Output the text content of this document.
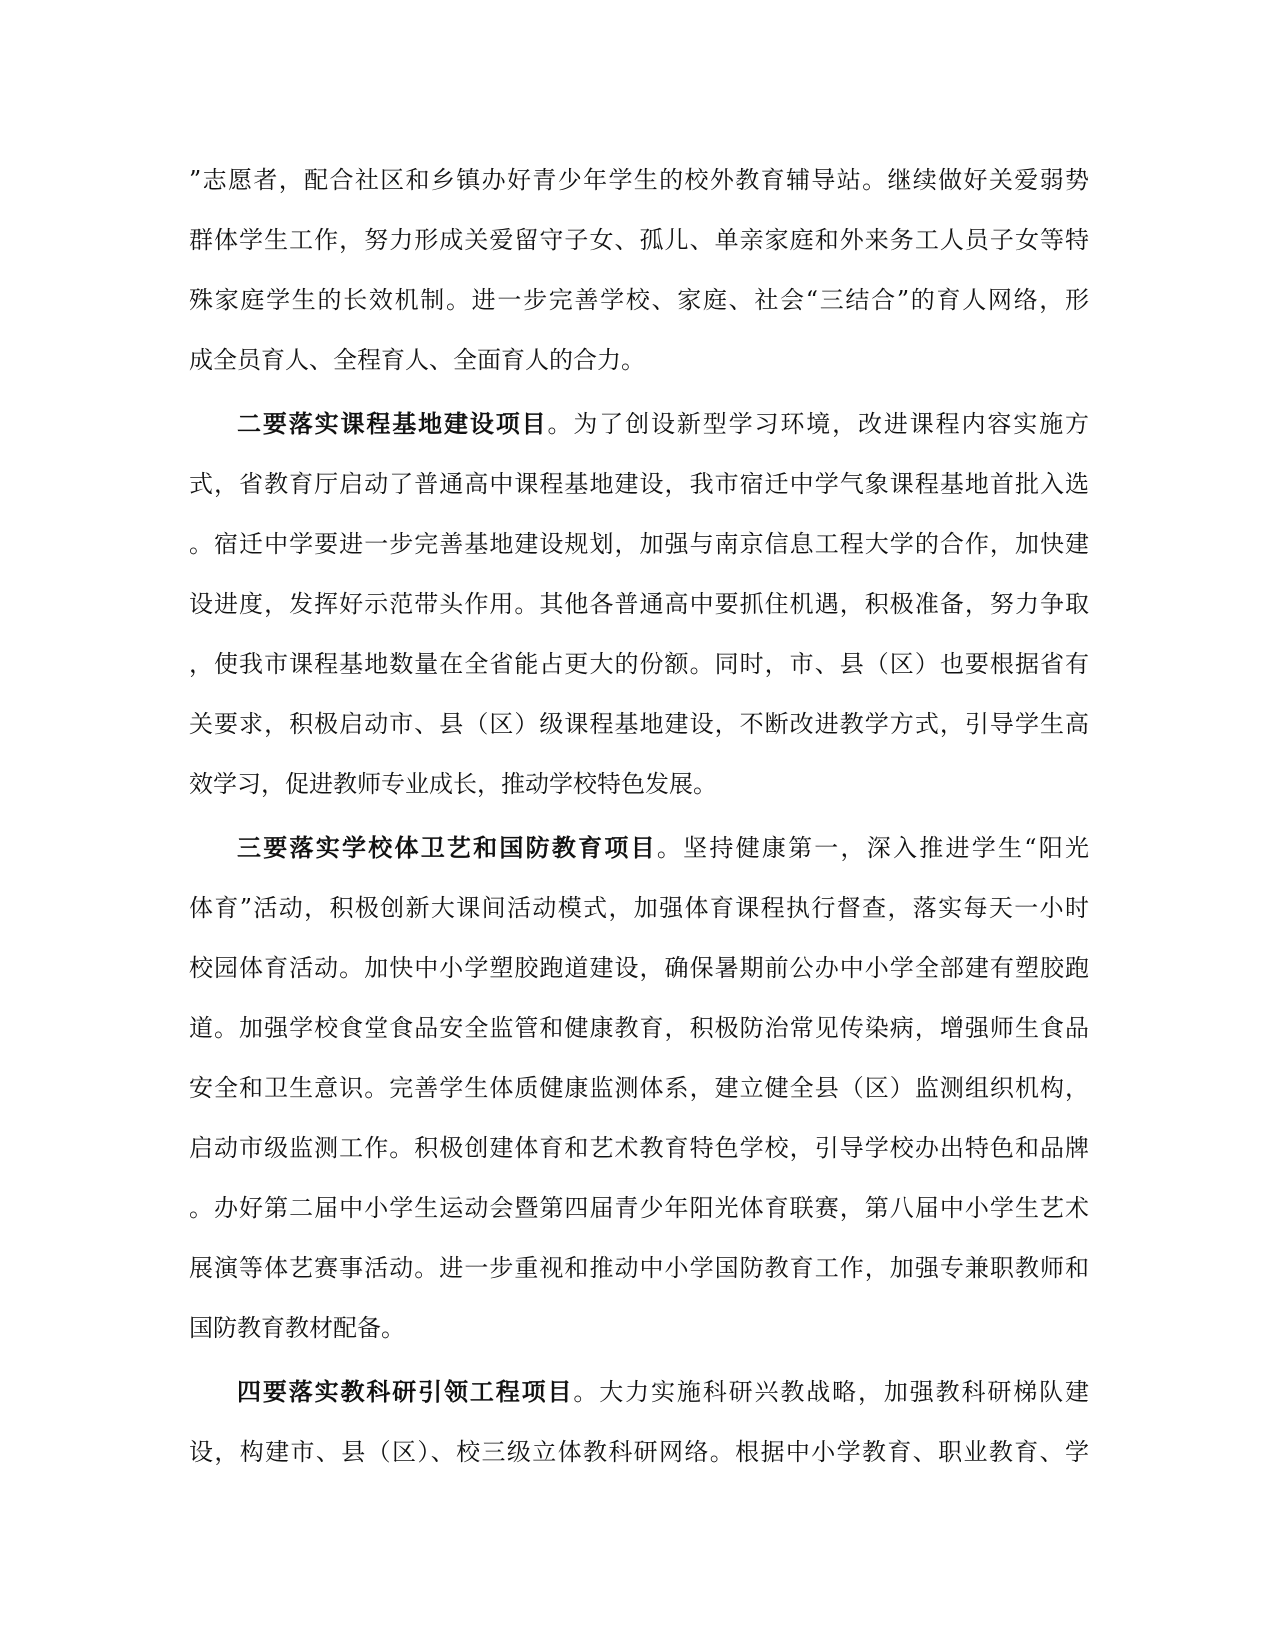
”志愿者，配合社区和乡镇办好青少年学生的校外教育辅导站。继续做好关爱弱势
群体学生工作，努力形成关爱留守子女、孤儿、单亲家庭和外来务工人员子女等特
殊家庭学生的长效机制。进一步完善学校、家庭、社会“三结合”的育人网络，形
成全员育人、全程育人、全面育人的合力。
二要落实课程基地建设项目。为了创设新型学习环境，改进课程内容实施方
式，省教育厅启动了普通高中课程基地建设，我市宿迁中学气象课程基地首批入选
。宿迁中学要进一步完善基地建设规划，加强与南京信息工程大学的合作，加快建
设进度，发挥好示范带头作用。其他各普通高中要抓住机遇，积极准备，努力争取
，使我市课程基地数量在全省能占更大的份额。同时，市、县（区）也要根据省有
关要求，积极启动市、县（区）级课程基地建设，不断改进教学方式，引导学生高
效学习，促进教师专业成长，推动学校特色发展。
三要落实学校体卫艺和国防教育项目。坚持健康第一，深入推进学生“阳光
体育”活动，积极创新大课间活动模式，加强体育课程执行督查，落实每天一小时
校园体育活动。加快中小学塑胶跑道建设，确保暑期前公办中小学全部建有塑胶跑
道。加强学校食堂食品安全监管和健康教育，积极防治常见传染病，增强师生食品
安全和卫生意识。完善学生体质健康监测体系，建立健全县（区）监测组织机构，
启动市级监测工作。积极创建体育和艺术教育特色学校，引导学校办出特色和品牌
。办好第二届中小学生运动会暨第四届青少年阳光体育联赛，第八届中小学生艺术
展演等体艺赛事活动。进一步重视和推动中小学国防教育工作，加强专兼职教师和
国防教育教材配备。
四要落实教科研引领工程项目。大力实施科研兴教战略，加强教科研梯队建
设，构建市、县（区）、校三级立体教科研网络。根据中小学教育、职业教育、学
